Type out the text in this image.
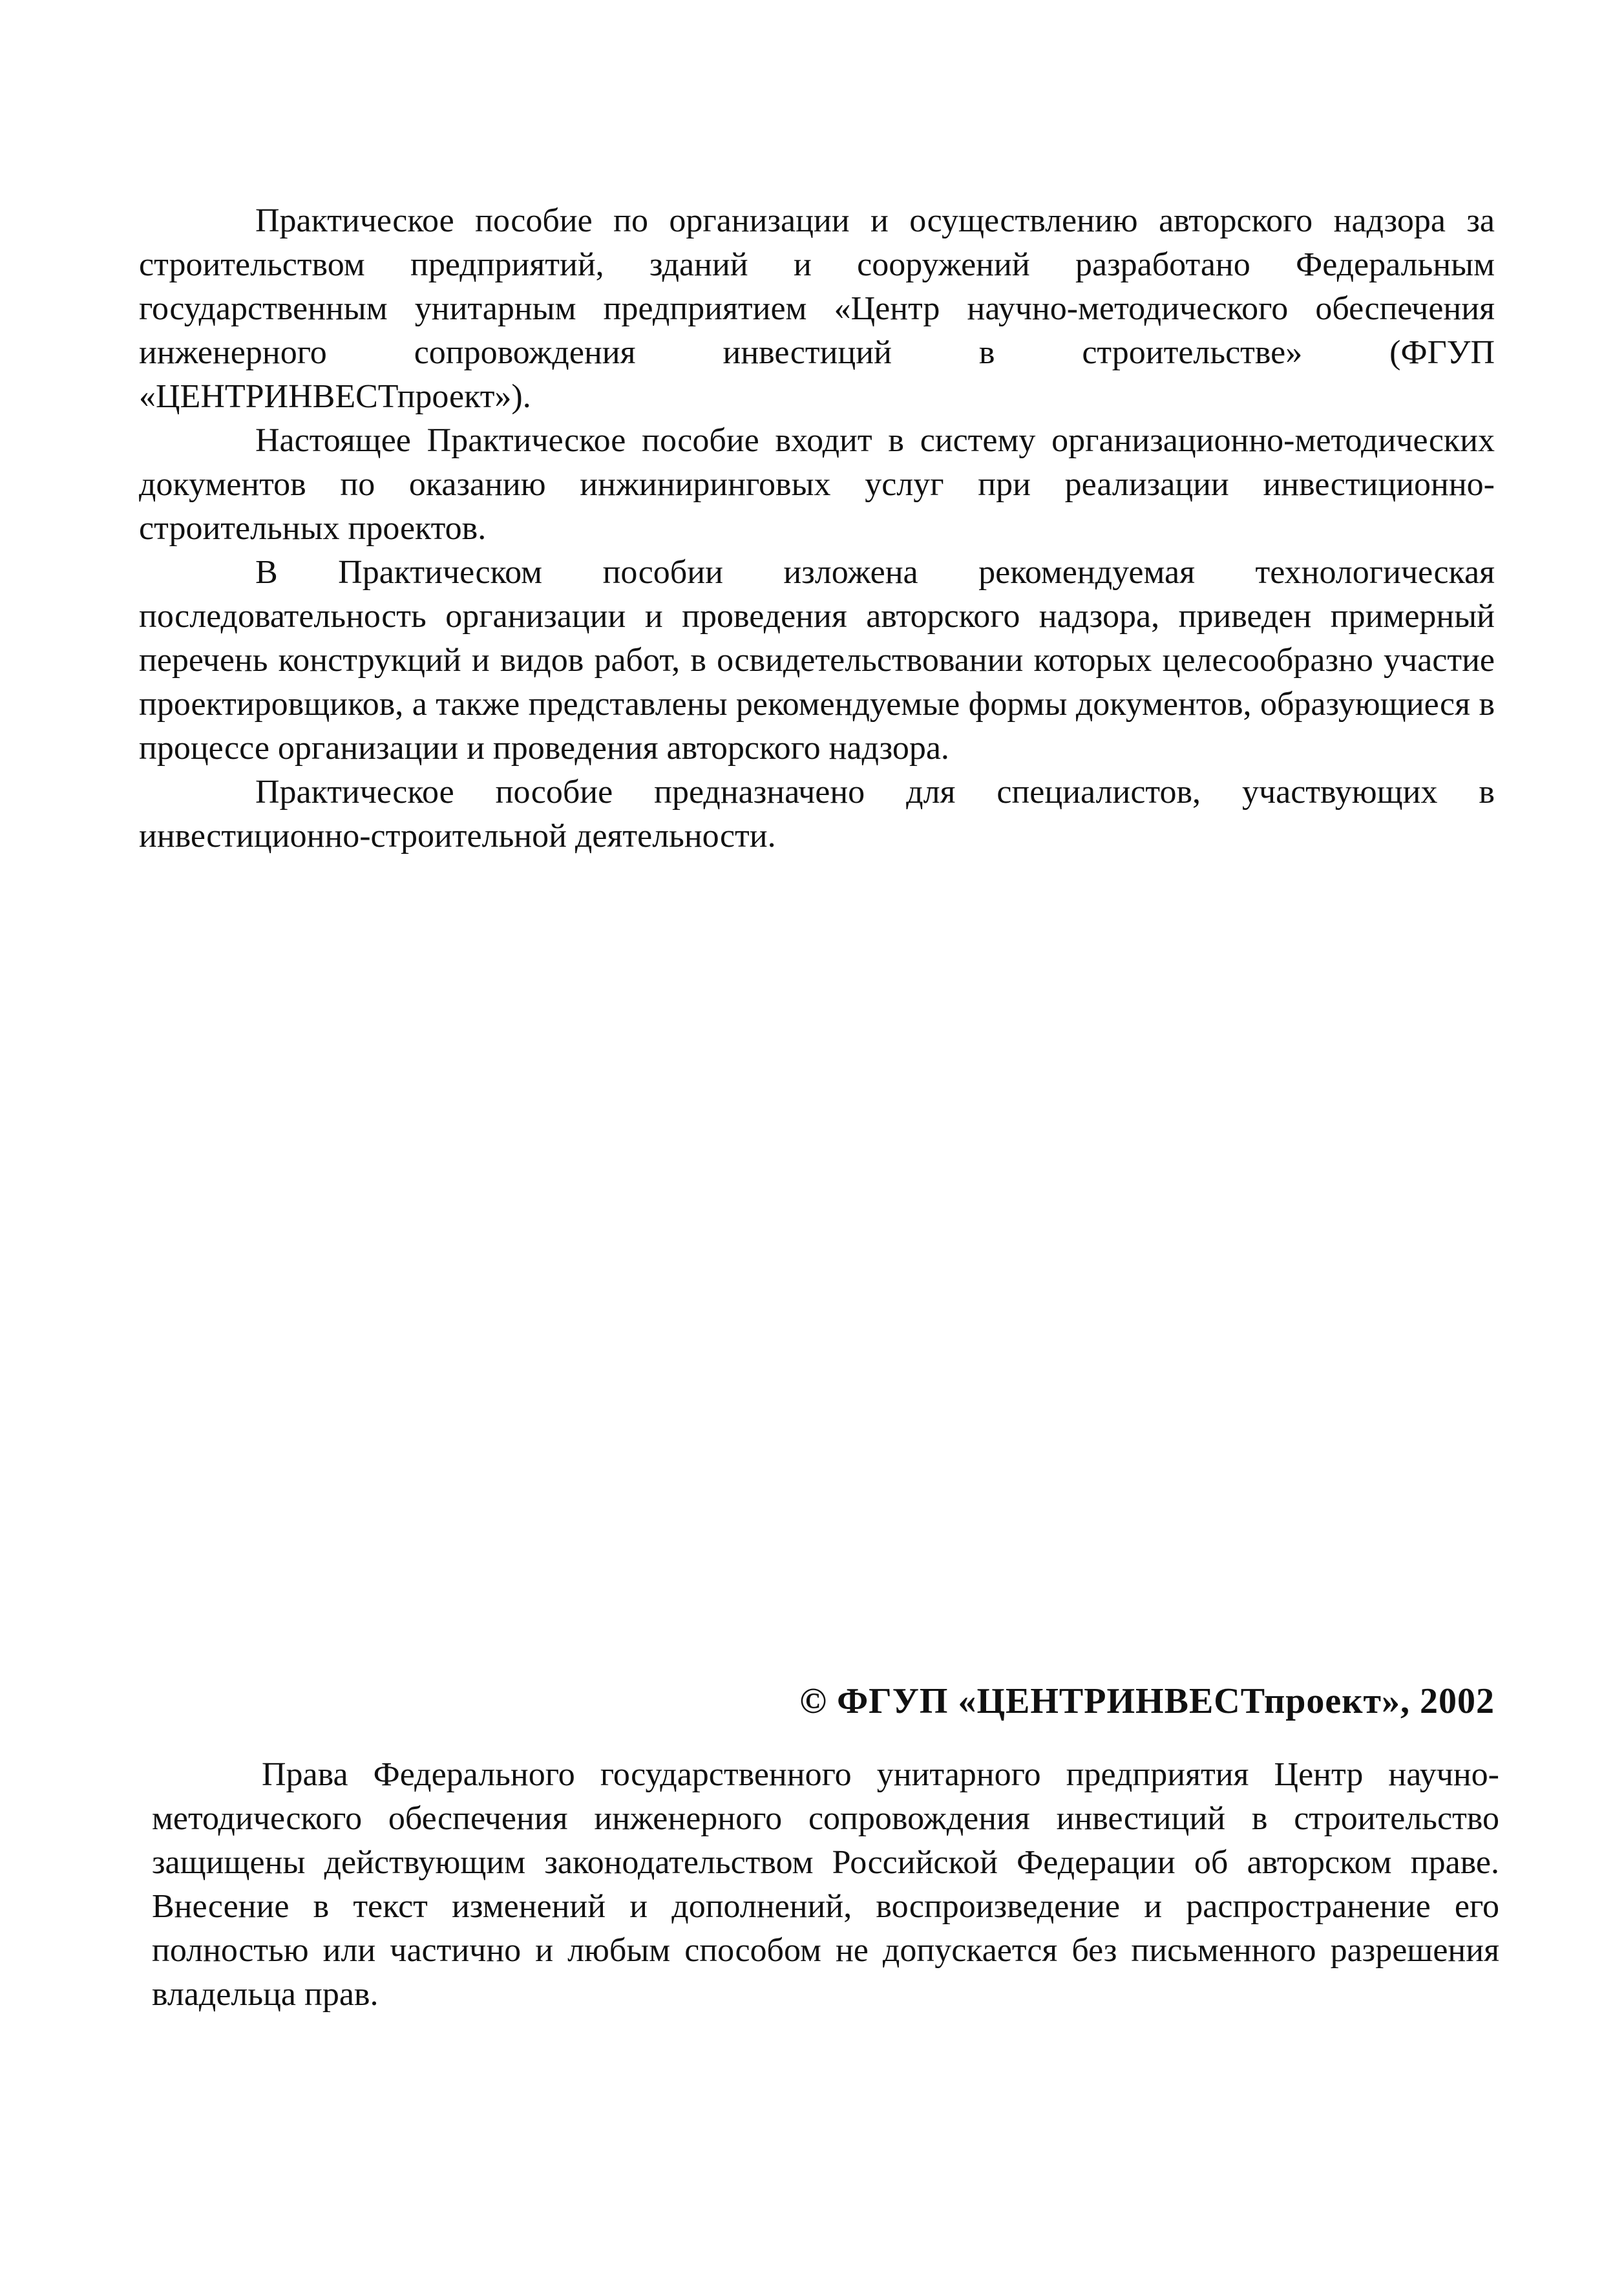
Практическое пособие по организации и осуществлению авторского надзора за строительством предприятий, зданий и сооружений разработано Федеральным государственным унитарным предприятием «Центр научно-методического обеспечения инженерного сопровождения инвестиций в строительстве» (ФГУП «ЦЕНТРИНВЕСТпроект»).

Настоящее Практическое пособие входит в систему организационно-методических документов по оказанию инжиниринговых услуг при реализации инвестиционно-строительных проектов.

В Практическом пособии изложена рекомендуемая технологическая последовательность организации и проведения авторского надзора, приведен примерный перечень конструкций и видов работ, в освидетельствовании которых целесообразно участие проектировщиков, а также представлены рекомендуемые формы документов, образующиеся в процессе организации и проведения авторского надзора.

Практическое пособие предназначено для специалистов, участвующих в инвестиционно-строительной деятельности.

© ФГУП «ЦЕНТРИНВЕСТпроект», 2002

Права Федерального государственного унитарного предприятия Центр научно-методического обеспечения инженерного сопровождения инвестиций в строительство защищены действующим законодательством Российской Федерации об авторском праве. Внесение в текст изменений и дополнений, воспроизведение и распространение его полностью или частично и любым способом не допускается без письменного разрешения владельца прав.
